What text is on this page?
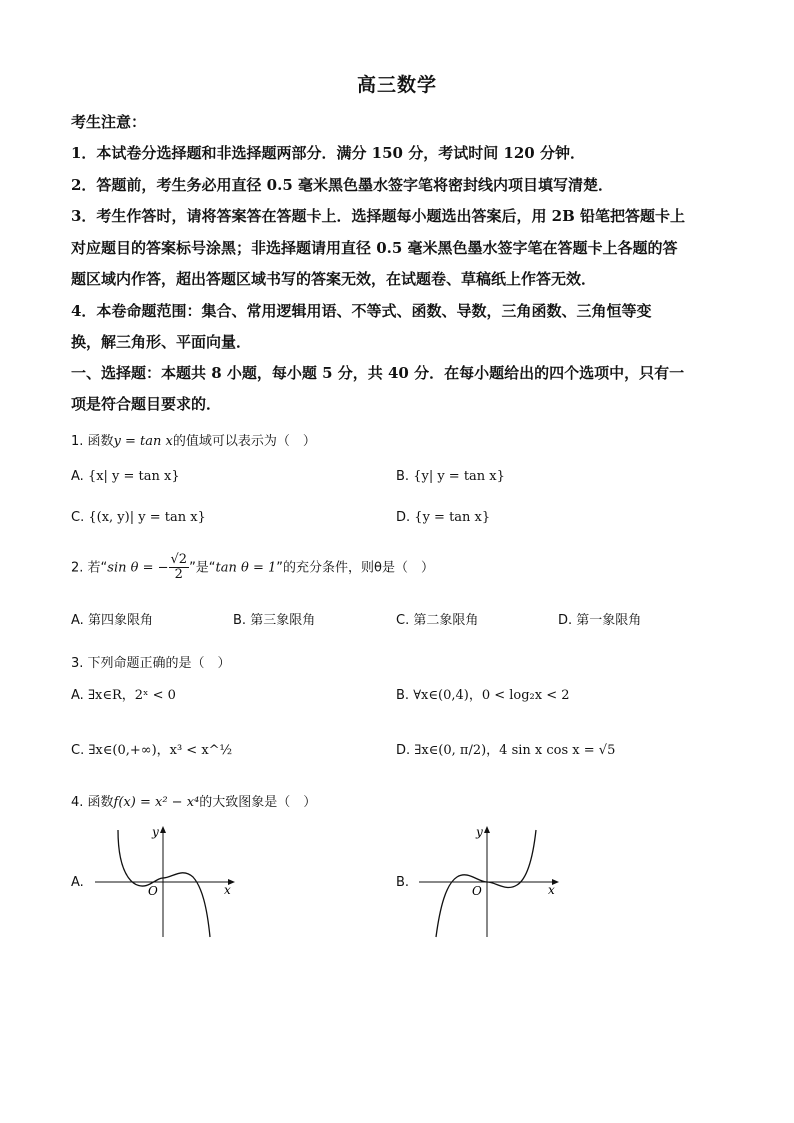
高三数学
考生注意：
1．本试卷分选择题和非选择题两部分．满分 150 分，考试时间 120 分钟．
2．答题前，考生务必用直径 0.5 毫米黑色墨水签字笔将密封线内项目填写清楚．
3．考生作答时，请将答案答在答题卡上．选择题每小题选出答案后，用 2B 铅笔把答题卡上
对应题目的答案标号涂黑；非选择题请用直径 0.5 毫米黑色墨水签字笔在答题卡上各题的答
题区域内作答，超出答题区域书写的答案无效，在试题卷、草稿纸上作答无效．
4．本卷命题范围：集合、常用逻辑用语、不等式、函数、导数，三角函数、三角恒等变
换，解三角形、平面向量．
一、选择题：本题共 8 小题，每小题 5 分，共 40 分．在每小题给出的四个选项中，只有一
项是符合题目要求的．
1. 函数y = tan x的值域可以表示为（　）
A. {x| y = tan x}	B. {y| y = tan x}
C. {(x, y)| y = tan x}	D. {y = tan x}
2. 若“sin θ = − $\frac{√2}{2}$ ”是“tan θ = 1”的充分条件，则θ是（　）
A. 第四象限角	B. 第三象限角	C. 第二象限角	D. 第一象限角
3. 下列命题正确的是（　）
A. ∃x∈R，2ˣ < 0	B. ∀x∈(0,4)，0 < log₂x < 2
C. ∃x∈(0,+∞)，x³ < x^½	D. ∃x∈(0, π/2)，4 sin x cos x = √5
4. 函数f(x) = x² − x⁴的大致图象是（　）
A.	x
y
O
B.	x
y
O
